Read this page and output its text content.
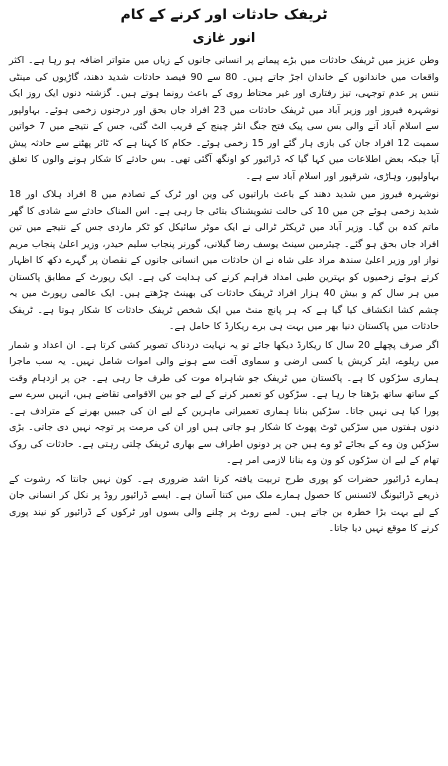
ٹریفک حادثات اور کرنے کے کام
انور غازی

وطن عزیز میں ٹریفک حادثات میں بڑے پیمانے پر انسانی جانوں کے زیاں میں متواتر اضافہ ہو رہا ہے۔ اکثر واقعات میں خاندانوں کے خاندان اجڑ جاتے ہیں۔ 80 سے 90 فیصد حادثات شدید دھند، گاڑیوں کی مینٹی ننس پر عدم توجہی، تیز رفتاری اور غیر محتاط روی کے باعث رونما ہوتے ہیں۔ گزشتہ دنوں ایک روز ایک نوشہرہ فیروز اور وزیر آباد میں ٹریفک حادثات میں 23 افراد جاں بحق اور درجنوں زخمی ہوئے۔ بہاولپور سے اسلام آباد آنے والی بس سی پیک فتح جنگ انٹر چینج کے قریب الٹ گئی، جس کے نتیجے میں 7 خواتین سمیت 12 افراد جان کی بازی ہار گئے اور 15 زخمی ہوئے۔ حکام کا کہنا ہے کہ ٹائر پھٹنے سے حادثہ پیش آیا جبکہ بعض اطلاعات میں کہا گیا کہ ڈرائیور کو اونگھ آگئی تھی۔ بس حادثے کا شکار ہونے والوں کا تعلق بہاولپور، وہاڑی، شرقپور اور اسلام آباد سے ہے۔

نوشہرہ فیروز میں شدید دھند کے باعث باراتیوں کی وین اور ٹرک کے تصادم میں 8 افراد ہلاک اور 18 شدید زخمی ہوئے جن میں 10 کی حالت تشویشناک بتائی جا رہی ہے۔ اس المناک حادثے سے شادی کا گھر ماتم کدہ بن گیا۔ وزیر آباد میں ٹریکٹر ٹرالی نے ایک موٹر سائیکل کو ٹکر ماردی جس کے نتیجے میں تین افراد جاں بحق ہو گئے۔ چیئرمین سینٹ یوسف رضا گیلانی، گورنر پنجاب سلیم حیدر، وزیر اعلیٰ پنجاب مریم نواز اور وزیر اعلیٰ سندھ مراد علی شاہ نے ان حادثات میں انسانی جانوں کے نقصان پر گہرے دکھ کا اظہار کرتے ہوئے زخمیوں کو بہترین طبی امداد فراہم کرنے کی ہدایت کی ہے۔ ایک رپورٹ کے مطابق پاکستان میں ہر سال کم و بیش 40 ہزار افراد ٹریفک حادثات کی بھینٹ چڑھتے ہیں۔ ایک عالمی رپورٹ میں یہ چشم کشا انکشاف کیا گیا ہے کہ ہر پانچ منٹ میں ایک شخص ٹریفک حادثات کا شکار ہوتا ہے۔ ٹریفک حادثات میں پاکستان دنیا بھر میں بہت ہی برے ریکارڈ کا حامل ہے۔

اگر صرف پچھلے 20 سال کا ریکارڈ دیکھا جائے تو یہ نہایت دردناک تصویر کشی کرتا ہے۔ ان اعداد و شمار میں ریلوے، ایئر کریش یا کسی ارضی و سماوی آفت سے ہونے والی اموات شامل نہیں۔ یہ سب ماجرا ہماری سڑکوں کا ہے۔ پاکستان میں ٹریفک جو شاہراہ موت کی طرف جا رہی ہے۔ جن پر ازدہام وقت کے ساتھ ساتھ بڑھتا جا رہا ہے۔ سڑکوں کو تعمیر کرنے کے لیے جو بین الاقوامی تقاضے ہیں، انہیں سرے سے پورا کیا ہی نہیں جاتا۔ سڑکیں بنانا ہماری تعمیراتی ماہرین کے لیے ان کی جیبیں بھرنے کے مترادف ہے۔ دنوں ہفتوں میں سڑکیں ٹوٹ پھوٹ کا شکار ہو جاتی ہیں اور ان کی مرمت پر توجہ نہیں دی جاتی۔ بڑی سڑکیں ون وے کے بجائے ٹو وے ہیں جن پر دونوں اطراف سے بھاری ٹریفک چلتی رہتی ہے۔ حادثات کی روک تھام کے لیے ان سڑکوں کو ون وے بنانا لازمی امر ہے۔

ہمارے ڈرائیور حضرات کو پوری طرح تربیت یافتہ کرنا اشد ضروری ہے۔ کون نہیں جانتا کہ رشوت کے ذریعے ڈرائیونگ لائسنس کا حصول ہمارے ملک میں کتنا آسان ہے۔ ایسے ڈرائیور روڈ پر نکل کر انسانی جان کے لیے بہت بڑا خطرہ بن جاتے ہیں۔ لمبے روٹ پر چلنے والی بسوں اور ٹرکوں کے ڈرائیور کو نیند پوری کرنے کا موقع نہیں دیا جاتا۔
